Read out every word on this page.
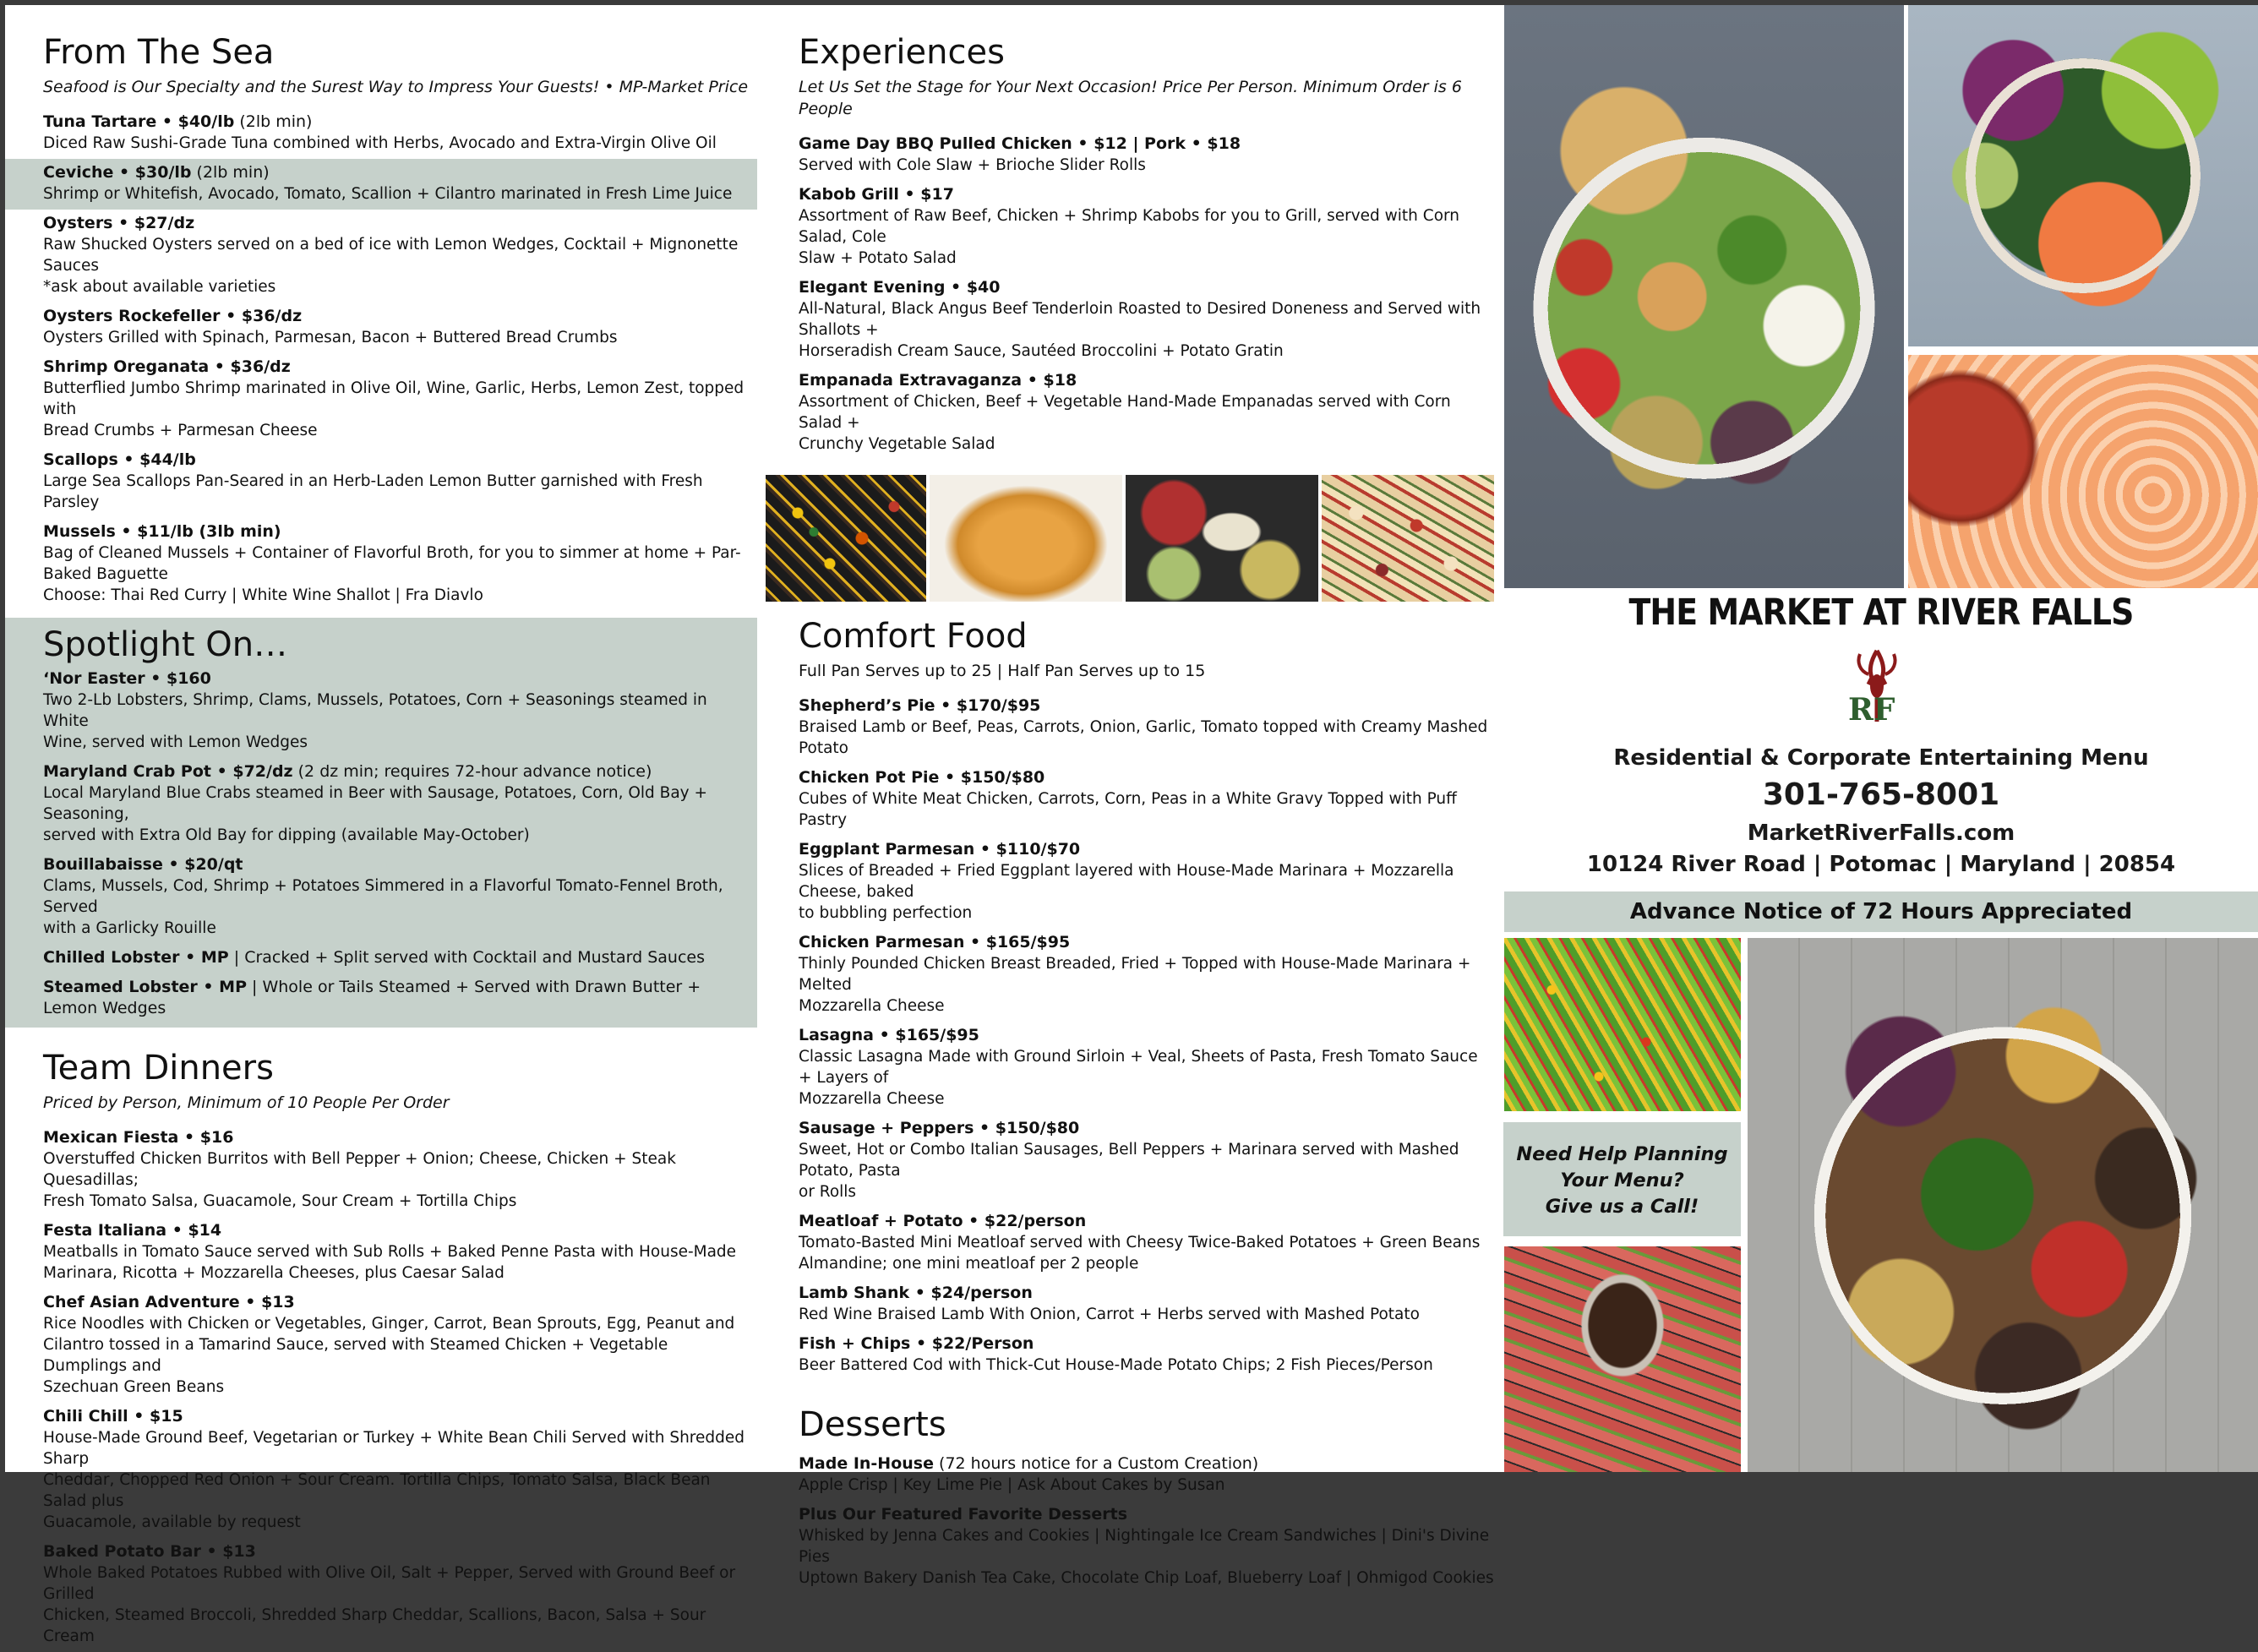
From The Sea
Seafood is Our Specialty and the Surest Way to Impress Your Guests! • MP-Market Price
Tuna Tartare • $40/lb (2lb min)
Diced Raw Sushi-Grade Tuna combined with Herbs, Avocado and Extra-Virgin Olive Oil
Ceviche • $30/lb (2lb min)
Shrimp or Whitefish, Avocado, Tomato, Scallion + Cilantro marinated in Fresh Lime Juice
Oysters • $27/dz
Raw Shucked Oysters served on a bed of ice with Lemon Wedges, Cocktail + Mignonette Sauces
*ask about available varieties
Oysters Rockefeller • $36/dz
Oysters Grilled with Spinach, Parmesan, Bacon + Buttered Bread Crumbs
Shrimp Oreganata • $36/dz
Butterflied Jumbo Shrimp marinated in Olive Oil, Wine, Garlic, Herbs, Lemon Zest, topped with
Bread Crumbs + Parmesan Cheese
Scallops • $44/lb
Large Sea Scallops Pan-Seared in an Herb-Laden Lemon Butter garnished with Fresh Parsley
Mussels • $11/lb (3lb min)
Bag of Cleaned Mussels + Container of Flavorful Broth, for you to simmer at home + Par-Baked Baguette
Choose: Thai Red Curry | White Wine Shallot | Fra Diavlo
Spotlight On…
‘Nor Easter • $160
Two 2-Lb Lobsters, Shrimp, Clams, Mussels, Potatoes, Corn + Seasonings steamed in White
Wine, served with Lemon Wedges
Maryland Crab Pot • $72/dz (2 dz min; requires 72-hour advance notice)
Local Maryland Blue Crabs steamed in Beer with Sausage, Potatoes, Corn, Old Bay + Seasoning,
served with Extra Old Bay for dipping (available May-October)
Bouillabaisse • $20/qt
Clams, Mussels, Cod, Shrimp + Potatoes Simmered in a Flavorful Tomato-Fennel Broth, Served
with a Garlicky Rouille
Chilled Lobster • MP | Cracked + Split served with Cocktail and Mustard Sauces
Steamed Lobster • MP | Whole or Tails Steamed + Served with Drawn Butter + Lemon Wedges
Team Dinners
Priced by Person, Minimum of 10 People Per Order
Mexican Fiesta • $16
Overstuffed Chicken Burritos with Bell Pepper + Onion; Cheese, Chicken + Steak Quesadillas;
Fresh Tomato Salsa, Guacamole, Sour Cream + Tortilla Chips
Festa Italiana • $14
Meatballs in Tomato Sauce served with Sub Rolls + Baked Penne Pasta with House-Made
Marinara, Ricotta + Mozzarella Cheeses, plus Caesar Salad
Chef Asian Adventure • $13
Rice Noodles with Chicken or Vegetables, Ginger, Carrot, Bean Sprouts, Egg, Peanut and
Cilantro tossed in a Tamarind Sauce, served with Steamed Chicken + Vegetable Dumplings and
Szechuan Green Beans
Chili Chill • $15
House-Made Ground Beef, Vegetarian or Turkey + White Bean Chili Served with Shredded Sharp
Cheddar, Chopped Red Onion + Sour Cream. Tortilla Chips, Tomato Salsa, Black Bean Salad plus
Guacamole, available by request
Baked Potato Bar • $13
Whole Baked Potatoes Rubbed with Olive Oil, Salt + Pepper, Served with Ground Beef or Grilled
Chicken, Steamed Broccoli, Shredded Sharp Cheddar, Scallions, Bacon, Salsa + Sour Cream
Experiences
Let Us Set the Stage for Your Next Occasion! Price Per Person. Minimum Order is 6 People
Game Day BBQ Pulled Chicken • $12 | Pork • $18
Served with Cole Slaw + Brioche Slider Rolls
Kabob Grill • $17
Assortment of Raw Beef, Chicken + Shrimp Kabobs for you to Grill, served with Corn Salad, Cole
Slaw + Potato Salad
Elegant Evening • $40
All-Natural, Black Angus Beef Tenderloin Roasted to Desired Doneness and Served with Shallots +
Horseradish Cream Sauce, Sautéed Broccolini + Potato Gratin
Empanada Extravaganza • $18
Assortment of Chicken, Beef + Vegetable Hand-Made Empanadas served with Corn Salad +
Crunchy Vegetable Salad
Comfort Food
Full Pan Serves up to 25 | Half Pan Serves up to 15
Shepherd’s Pie • $170/$95
Braised Lamb or Beef, Peas, Carrots, Onion, Garlic, Tomato topped with Creamy Mashed Potato
Chicken Pot Pie • $150/$80
Cubes of White Meat Chicken, Carrots, Corn, Peas in a White Gravy Topped with Puff Pastry
Eggplant Parmesan • $110/$70
Slices of Breaded + Fried Eggplant layered with House-Made Marinara + Mozzarella Cheese, baked
to bubbling perfection
Chicken Parmesan • $165/$95
Thinly Pounded Chicken Breast Breaded, Fried + Topped with House-Made Marinara + Melted
Mozzarella Cheese
Lasagna • $165/$95
Classic Lasagna Made with Ground Sirloin + Veal, Sheets of Pasta, Fresh Tomato Sauce + Layers of
Mozzarella Cheese
Sausage + Peppers • $150/$80
Sweet, Hot or Combo Italian Sausages, Bell Peppers + Marinara served with Mashed Potato, Pasta
or Rolls
Meatloaf + Potato • $22/person
Tomato-Basted Mini Meatloaf served with Cheesy Twice-Baked Potatoes + Green Beans
Almandine; one mini meatloaf per 2 people
Lamb Shank • $24/person
Red Wine Braised Lamb With Onion, Carrot + Herbs served with Mashed Potato
Fish + Chips • $22/Person
Beer Battered Cod with Thick-Cut House-Made Potato Chips; 2 Fish Pieces/Person
Desserts
Made In-House (72 hours notice for a Custom Creation)
Apple Crisp | Key Lime Pie | Ask About Cakes by Susan
Plus Our Featured Favorite Desserts
Whisked by Jenna Cakes and Cookies | Nightingale Ice Cream Sandwiches | Dini's Divine Pies
Uptown Bakery Danish Tea Cake, Chocolate Chip Loaf, Blueberry Loaf | Ohmigod Cookies
THE MARKET AT RIVER FALLS
RF
Residential & Corporate Entertaining Menu
301-765-8001
MarketRiverFalls.com
10124 River Road | Potomac | Maryland | 20854
Advance Notice of 72 Hours Appreciated
Need Help Planning
Your Menu?
Give us a Call!
